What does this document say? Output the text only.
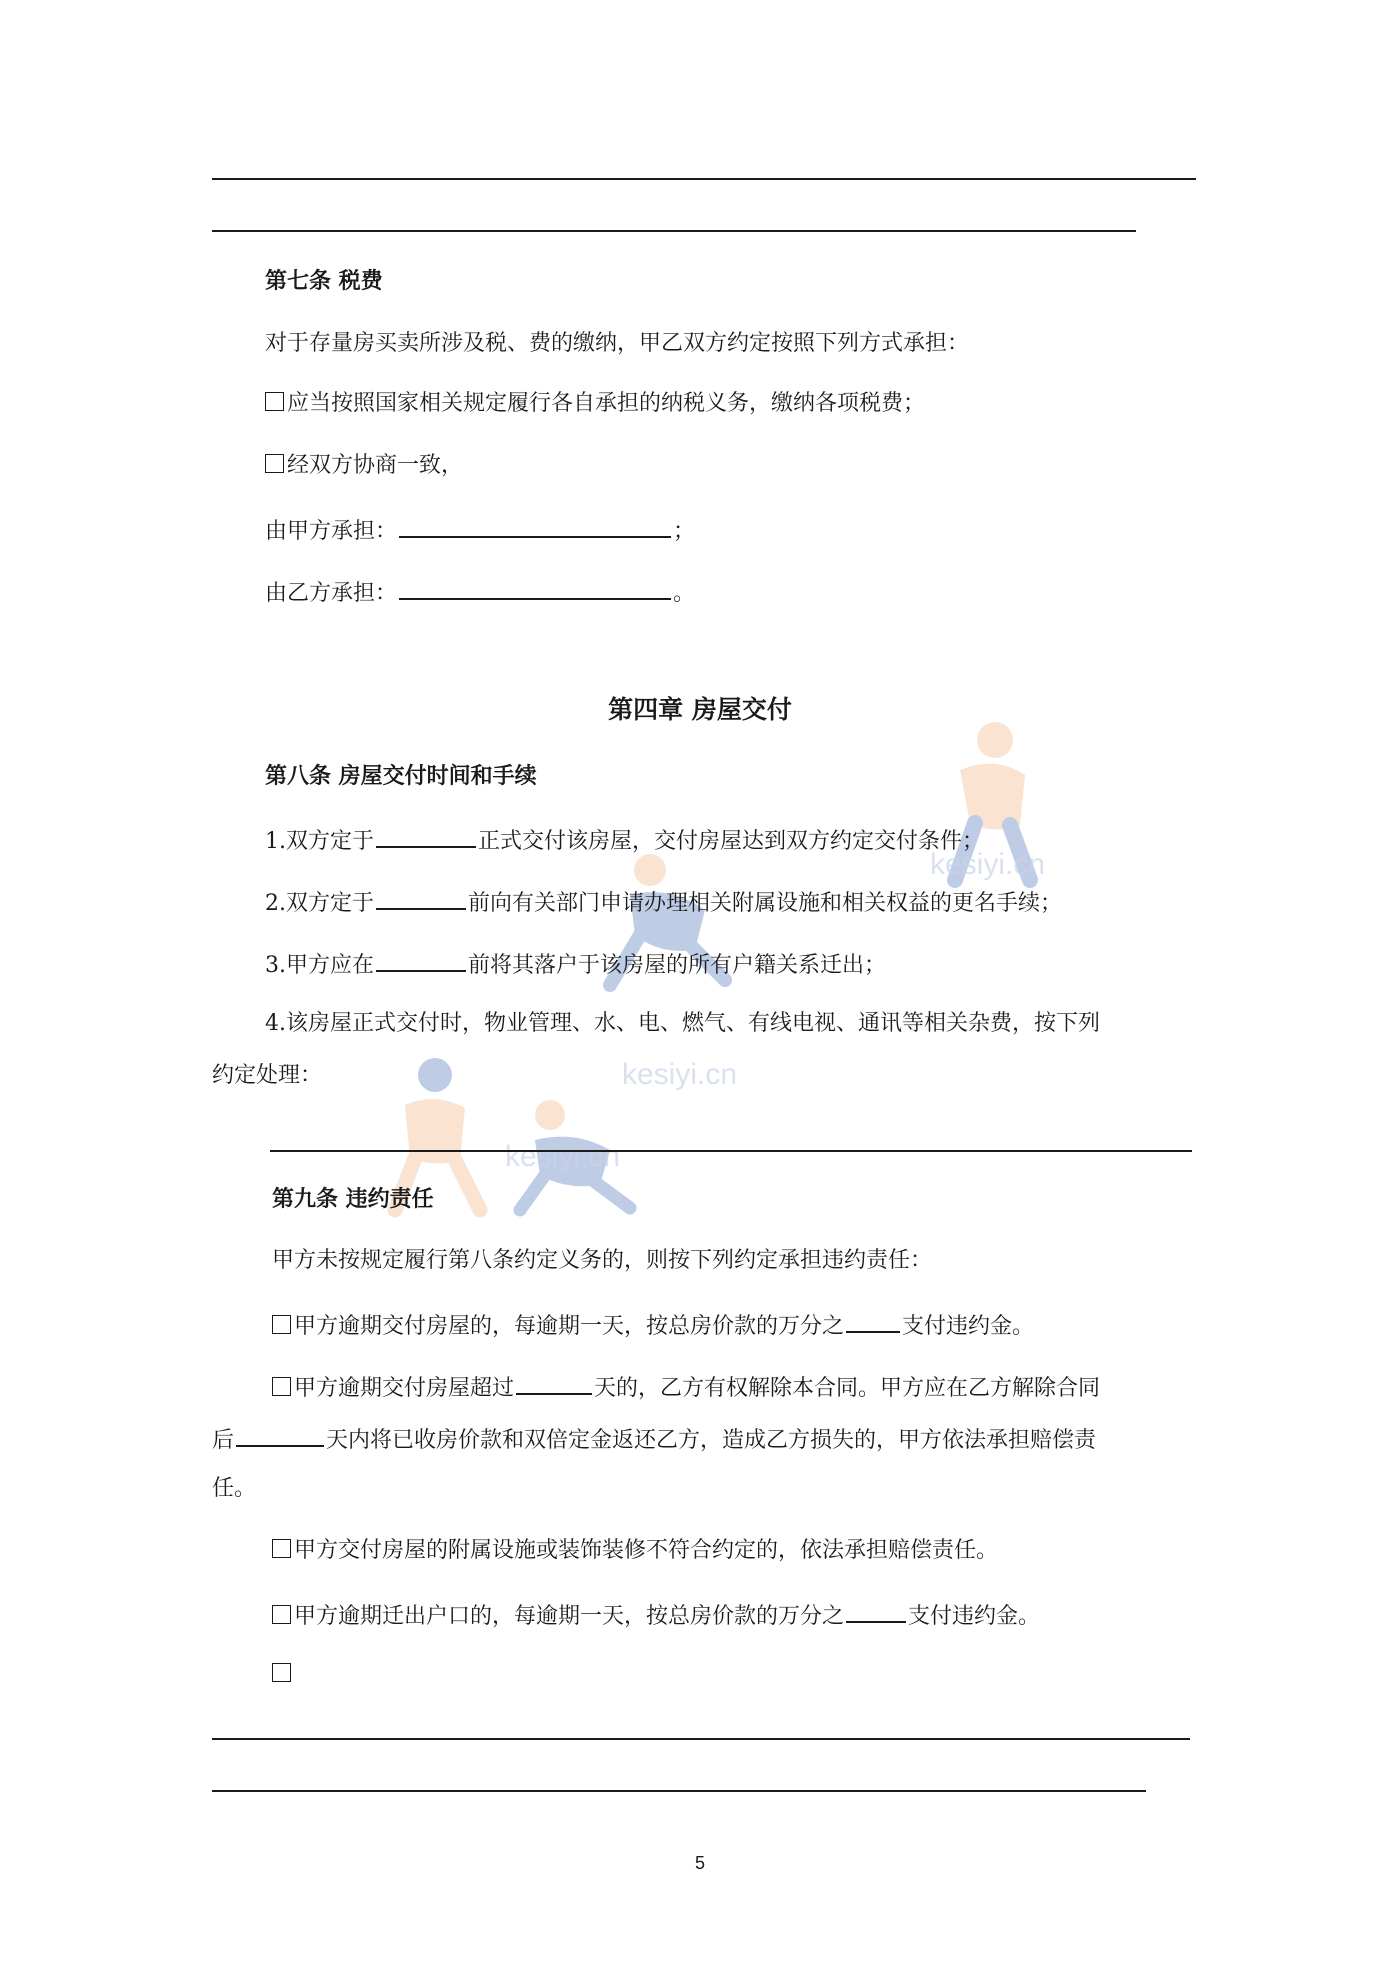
kesiyi.cn
kesiyi.cn
kesiyi.cn
第七条 税费
对于存量房买卖所涉及税、费的缴纳，甲乙双方约定按照下列方式承担：
应当按照国家相关规定履行各自承担的纳税义务，缴纳各项税费；
经双方协商一致，
由甲方承担：	；
由乙方承担：	。
第四章 房屋交付
第八条 房屋交付时间和手续
1.双方定于	正式交付该房屋，交付房屋达到双方约定交付条件；
2.双方定于	前向有关部门申请办理相关附属设施和相关权益的更名手续；
3.甲方应在	前将其落户于该房屋的所有户籍关系迁出；
4.该房屋正式交付时，物业管理、水、电、燃气、有线电视、通讯等相关杂费，按下列
约定处理：
第九条 违约责任
甲方未按规定履行第八条约定义务的，则按下列约定承担违约责任：
甲方逾期交付房屋的，每逾期一天，按总房价款的万分之	支付违约金。
甲方逾期交付房屋超过	天的，乙方有权解除本合同。甲方应在乙方解除合同
后	天内将已收房价款和双倍定金返还乙方，造成乙方损失的，甲方依法承担赔偿责
任。
甲方交付房屋的附属设施或装饰装修不符合约定的，依法承担赔偿责任。
甲方逾期迁出户口的，每逾期一天，按总房价款的万分之	支付违约金。
5
